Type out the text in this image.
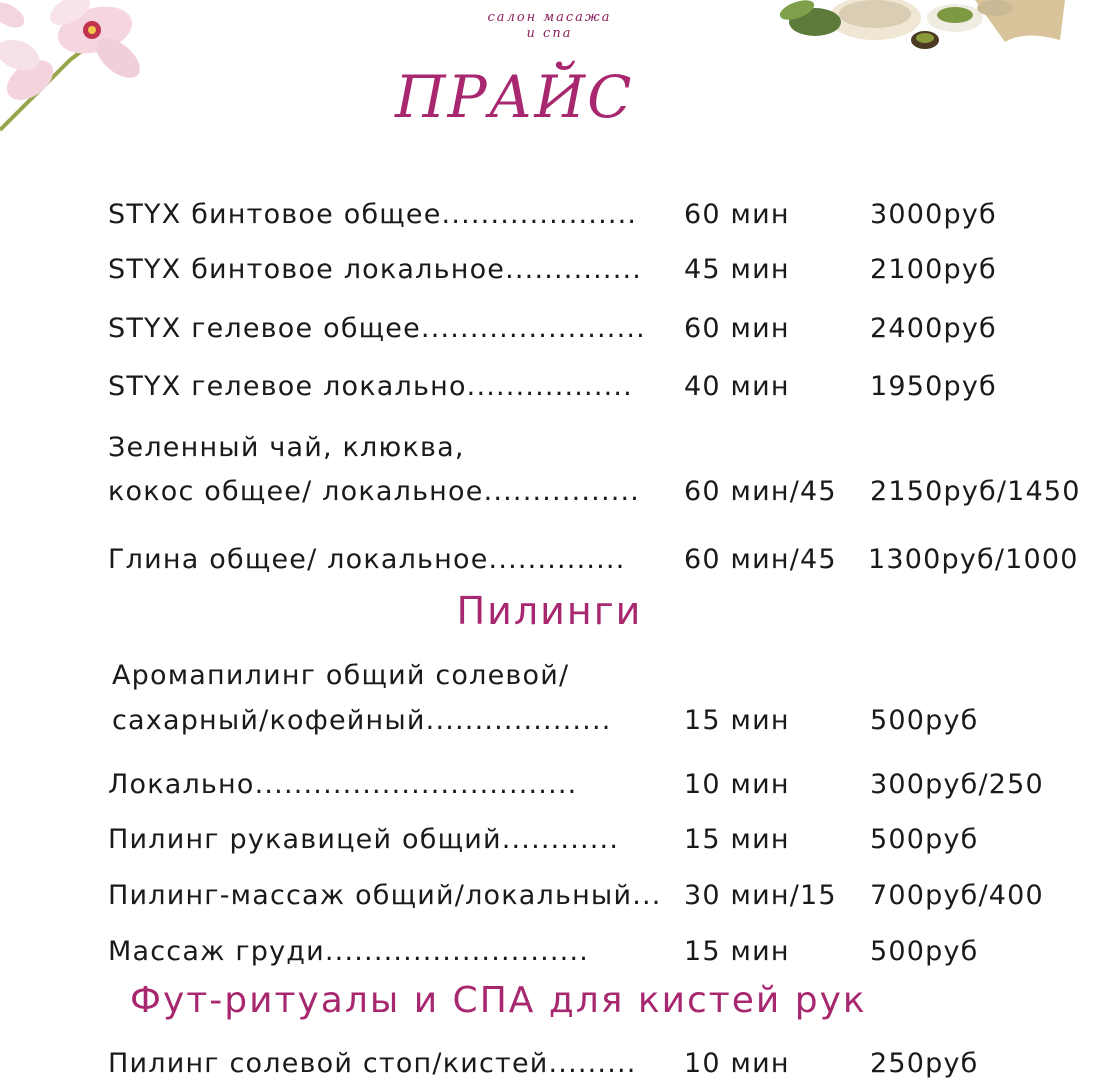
салон масажа
и спа
ПРАЙС
STYX бинтовое общее.................... 60 мин	3000руб
STYX бинтовое локальное.............. 45 мин	2100руб
STYX гелевое общее....................... 60 мин	2400руб
STYX гелевое локально................. 40 мин	1950руб
Зеленный чай, клюква,
кокос общее/ локальное................ 60 мин/45 2150руб/1450
Глина общее/ локальное.............. 60 мин/45 1300руб/1000
Пилинги
Аромапилинг общий солевой/
сахарный/кофейный...................	15 мин	500руб
Локально.................................	10 мин	300руб/250
Пилинг рукавицей общий............ 15 мин	500руб
Пилинг-массаж общий/локальный... 30 мин/15 700руб/400
Массаж груди...........................	15 мин	500руб
Фут-ритуалы и СПА для кистей рук
Пилинг солевой стоп/кистей......... 10 мин	250руб
